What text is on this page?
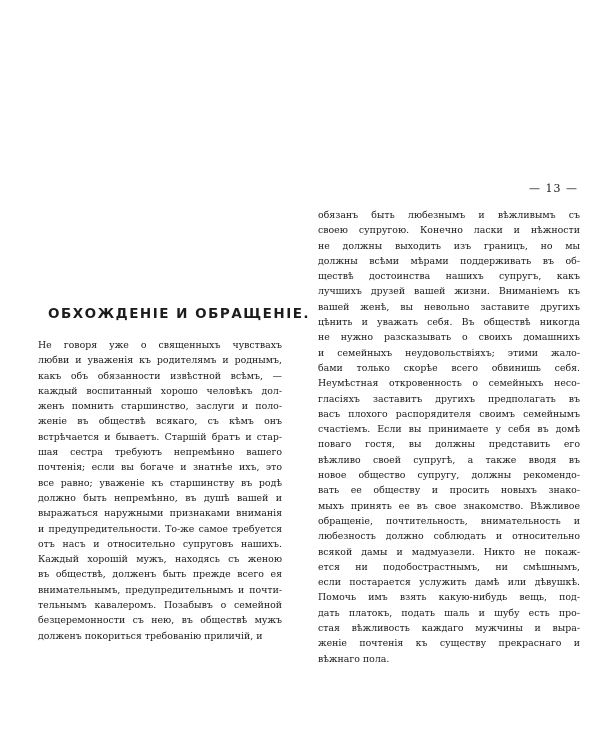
ОБХОЖДЕНІЕ И ОБРАЩЕНІЕ.
Не говоря уже о священныхъ чувствахъ
любви и уваженія къ родителямъ и роднымъ,
какъ объ обязанности извѣстной всѣмъ, —
каждый воспитанный хорошо человѣкъ дол-
женъ помнить старшинство, заслуги и поло-
женіе въ обществѣ всякаго, съ кѣмъ онъ
встрѣчается и бываетъ. Старшій братъ и стар-
шая сестра требуютъ непремѣнно вашего
почтенія; если вы богаче и знатнѣе ихъ, это
все равно; уваженіе къ старшинству въ родѣ
должно быть непремѣнно, въ душѣ вашей и
выражаться наружными признаками вниманія
и предупредительности. То-же самое требуется
отъ насъ и относительно супруговъ нашихъ.
Каждый хорошій мужъ, находясь съ женою
въ обществѣ, долженъ быть прежде всего ея
внимательнымъ, предупредительнымъ и почти-
тельнымъ кавалеромъ. Позабывъ о семейной
безцеремонности съ нею, въ обществѣ мужъ
долженъ покориться требованію приличій, и
— 13 —
обязанъ быть любезнымъ и вѣжливымъ съ
своею супругою. Конечно ласки и нѣжности
не должны выходить изъ границъ, но мы
должны всѣми мѣрами поддерживать въ об-
ществѣ достоинства нашихъ супругъ, какъ
лучшихъ друзей вашей жизни. Вниманіемъ къ
вашей женѣ, вы невольно заставите другихъ
цѣнить и уважать себя. Въ обществѣ никогда
не нужно разсказывать о своихъ домашнихъ
и семейныхъ неудовольствіяхъ; этими жало-
бами только скорѣе всего обвинишь себя.
Неумѣстная откровенность о семейныхъ несо-
гласіяхъ заставитъ другихъ предполагать въ
васъ плохого распорядителя своимъ семейнымъ
счастіемъ. Если вы принимаете у себя въ домѣ
поваго гостя, вы должны представить его
вѣжливо своей супругѣ, а также вводя въ
новое общество супругу, должны рекомендо-
вать ее обществу и просить новыхъ знако-
мыхъ принять ее въ свое знакомство. Вѣжливое
обращеніе, почтительность, внимательность и
любезность должно соблюдать и относительно
всякой дамы и мадмуазели. Никто не покаж-
ется ни подобострастнымъ, ни смѣшнымъ,
если постарается услужить дамѣ или дѣвушкѣ.
Помочь имъ взять какую-нибудь вещь, под-
дать платокъ, подать шаль и шубу есть про-
стая вѣжливость каждаго мужчины и выра-
женіе почтенія къ существу прекраснаго и
вѣжнаго пола.
